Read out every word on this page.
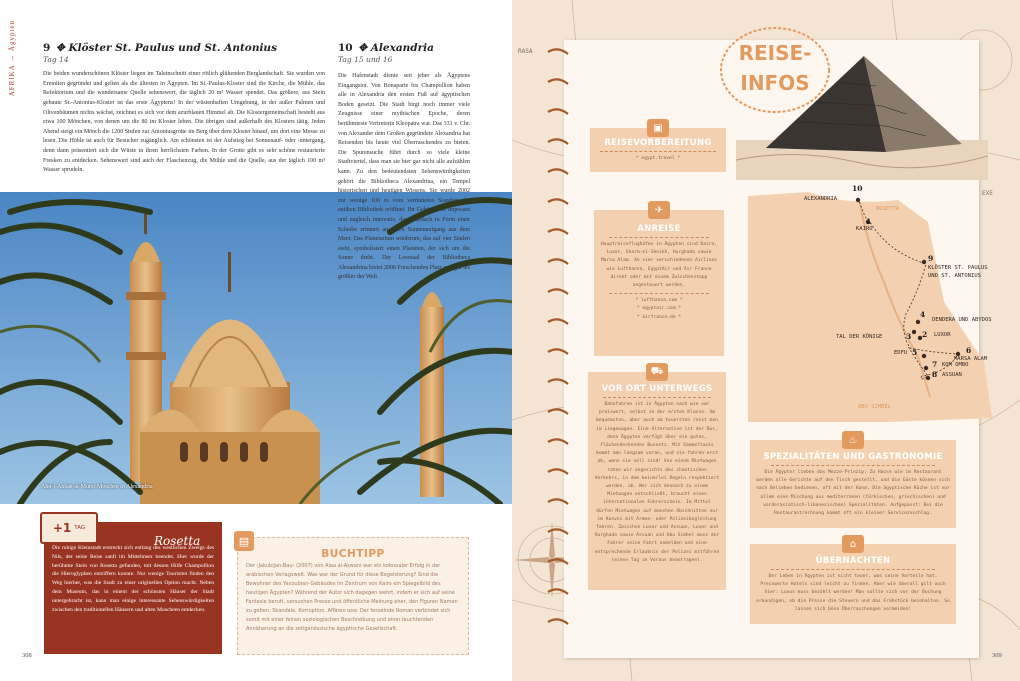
AFRIKA → Ägypten	9 ✥ Klöster St. Paulus und St. Antonius
Tag 14

Die beiden wunderschönen Klöster liegen im Taleinschnitt einer rötlich glühenden Berglandschaft. Sie wurden von Eremiten gegründet und gelten als die ältesten in Ägypten. Im St.-Paulus-Kloster sind die Kirche, die Mühle, das Refektorium und die wundersame Quelle sehenswert, die täglich 20 m³ Wasser spendet. Das größere, aus Stein gebaute St.-Antonius-Kloster ist das erste Ägyptens! In der wüstenhaften Umgebung, in der außer Palmen und Olivenbäumen nichts wächst, zeichnet es sich vor dem azurblauen Himmel ab. Die Klostergemeinschaft besteht aus etwa 100 Mönchen, von denen um die 80 im Kloster leben. Die übrigen sind außerhalb des Klosters tätig. Jeden Abend steigt ein Mönch die 1200 Stufen zur Antoniusgrotte im Berg über dem Kloster hinauf, um dort eine Messe zu lesen. Die Höhle ist auch für Besucher zugänglich. Am schönsten ist der Aufstieg bei Sonnenauf- oder -untergang, denn dann präsentiert sich die Wüste in ihren herrlichsten Farben. In der Grotte gibt es sehr schöne restaurierte Fresken zu entdecken. Sehenswert sind auch der Flaschenzug, die Mühle und die Quelle, aus der täglich 100 m³ Wasser sprudeln.

10 ✥ Alexandria
Tag 15 und 16
Abu-l-Abbas-al-Mursi-Moschee in Alexandria

Die Hafenstadt diente seit jeher als Ägyptens Eingangstor. Von Bonaparte bis Champollion haben alle in Alexandria den ersten Fuß auf ägyptischen Boden gesetzt. Die Stadt birgt noch immer viele Zeugnisse einer mythischen Epoche, deren berühmteste Vertreterin Kleopatra war. Das 331 v. Chr. von Alexander dem Großen gegründete Alexandria hat Reisenden bis heute viel Überraschendes zu bieten. Die Spurensuche führt durch so viele kleine Stadtviertel, dass man sie hier gar nicht alle aufzählen kann. Zu den bedeutendsten Sehenswürdigkeiten gehört die Bibliotheca Alexandrina, ein Tempel historischen und heutigen Wissens. Sie wurde 2002 nur wenige 100 m vom vermuteten Standort der antiken Bibliothek eröffnet. Ihr Gebäude ist imposant und zugleich innovativ, das Glasdach in Form einer Scheibe erinnert an einen Sonnenaufgang aus dem Meer. Das Planetarium wiederum, das auf vier Säulen steht, symbolisiert einen Planeten, der sich um die Sonne dreht. Der Lesesaal der Bibliotheca Alexandrina bietet 2000 Forschenden Platz und gilt als größter der Welt.

+1 TAG
Rosetta

Die ruhige Kleinstadt erstreckt sich entlang des westlichen Zweigs des Nils, der seine Reise sanft im Mittelmeer beendet. Hier wurde der berühmte Stein von Rosetta gefunden, mit dessen Hilfe Champollion die Hieroglyphen entziffern konnte. Nur wenige Touristen finden den Weg hierher, was die Stadt zu einer originellen Option macht. Neben dem Museum, das in einem der schönsten Häuser der Stadt untergebracht ist, kann man einige interessante Sehenswürdigkeiten zwischen den traditionellen Häusern und alten Moscheen entdecken.

▤
BUCHTIPP

Der ›Jakubijan-Bau‹ (2007) von Alaa al-Aswani war ein kolossaler Erfolg in der arabischen Verlagswelt. Was war der Grund für diese Begeisterung? Sind die Bewohner des Yacoubian-Gebäudes im Zentrum von Kairo ein Spiegelbild des heutigen Ägypten? Während der Autor sich dagegen wehrt, indem er sich auf seine Fantasie beruft, versuchen Presse und öffentliche Meinung eher, den Figuren Namen zu geben. Skandale, Korruption, Affären usw. Der fesselnde Roman verbindet sich somit mit einer feinen soziologischen Beschreibung und einer leuchtenden Annäherung an die zeitgenössische ägyptische Gesellschaft.

308
RASA
EXE
REISE-
INFOS
▣
REISEVORBEREITUNG
* egypt.travel *
✈
ANREISE
Hauptreiseflughäfen in Ägypten sind Kairo, Luxor, Sharm-el-Sheikh, Hurghada sowie Marsa Alam. An vier verschiedenen Airlines wie Lufthansa, EgyptAir und Air France direkt oder mit einem Zwischenstopp angesteuert werden.
* lufthansa.com *
* egyptair.com *
* airfrance.de *
⛟
VOR ORT UNTERWEGS
Bahnfahren ist in Ägypten nach wie vor preiswert, selbst in der ersten Klasse. Am bequemsten, aber auch am teuersten reist man im Liegewagen. Eine Alternative ist der Bus, denn Ägypten verfügt über ein gutes, flächendeckendes Busnetz. Mit Sammeltaxis kommt man langsam voran, und sie fahren erst ab, wenn sie voll sind! Von einem Mietwagen raten wir angesichts des chaotischen Verkehrs, in dem keinerlei Regeln respektiert werden, ab. Wer sich dennoch zu einem Mietwagen entschließt, braucht einen internationalen Führerschein. Im Mittel dürfen Mietwagen auf manchen Abschnitten nur im Konvoi mit Armee- oder Polizeibegleitung fahren. Zwischen Luxor und Assuan, Luxor und Hurghada sowie Assuan und Abu Simbel muss der Fahrer seine Fahrt anmelden und eine entsprechende Erlaubnis der Polizei mitführen (einen Tag im Voraus beantragen).
10
ALEXANDRIA
ROSETTA
1
KAIRO
9
KLÖSTER ST. PAULUS UND ST. ANTONIUS
4
DENDERA UND ABYDOS
2 LUXOR
3
TAL DER KÖNIGE
6
MARSA ALAM
5
EDFU
7 KOM OMBO
8 ASSUAN
ABU SIMBEL
♨
SPEZIALITÄTEN UND GASTRONOMIE
Die Ägypter lieben das Mezze-Prinzip: Zu Hause wie im Restaurant werden alle Gerichte auf den Tisch gestellt, und die Gäste können sich nach Belieben bedienen, oft mit der Hand. Die ägyptische Küche ist vor allem eine Mischung aus mediterranen (türkischen, griechischen) und vorderasiatisch-libanesischen) Spezialitäten. Aufgepasst: Bei die Restaurantrechnung kommt oft ein kleiner Servicezuschlag.
⌂
ÜBERNACHTEN
Der Leben in Ägypten ist nicht teuer, was seine Vorteile hat. Preiswerte Hotels sind leicht zu finden. Aber wie überall gilt auch hier: Luxus muss bezahlt werden! Man sollte sich vor der Buchung erkundigen, ob die Preise die Steuern und das Frühstück beinhalten. So lassen sich böse Überraschungen vermeiden!
309
